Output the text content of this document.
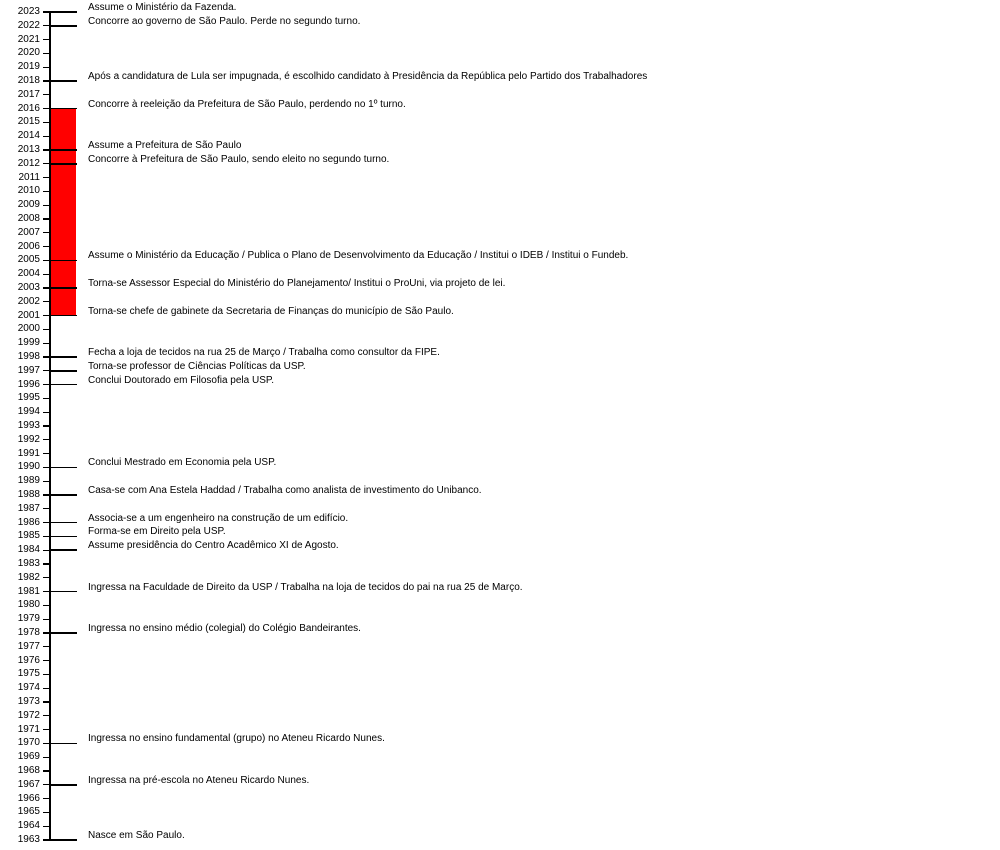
2023
2022
2021
2020
2019
2018
2017
2016
2015
2014
2013
2012
2011
2010
2009
2008
2007
2006
2005
2004
2003
2002
2001
2000
1999
1998
1997
1996
1995
1994
1993
1992
1991
1990
1989
1988
1987
1986
1985
1984
1983
1982
1981
1980
1979
1978
1977
1976
1975
1974
1973
1972
1971
1970
1969
1968
1967
1966
1965
1964
1963
Assume o Ministério da Fazenda.
Concorre ao governo de São Paulo. Perde no segundo turno.
Após a candidatura de Lula ser impugnada, é escolhido candidato à Presidência da República pelo Partido dos Trabalhadores
Concorre à reeleição da Prefeitura de São Paulo, perdendo no 1º turno.
Assume a Prefeitura de São Paulo
Concorre à Prefeitura de São Paulo, sendo eleito no segundo turno.
Assume o Ministério da Educação / Publica o Plano de Desenvolvimento da Educação / Institui o IDEB / Institui o Fundeb.
Torna-se Assessor Especial do Ministério do Planejamento/ Institui o ProUni, via projeto de lei.
Torna-se chefe de gabinete da Secretaria de Finanças do município de São Paulo.
Fecha a loja de tecidos na rua 25 de Março / Trabalha como consultor da FIPE.
Torna-se professor de Ciências Políticas da USP.
Conclui Doutorado em Filosofia pela USP.
Conclui Mestrado em Economia pela USP.
Casa-se com Ana Estela Haddad / Trabalha como analista de investimento do Unibanco.
Associa-se a um engenheiro na construção de um edifício.
Forma-se em Direito pela USP.
Assume presidência do Centro Acadêmico XI de Agosto.
Ingressa na Faculdade de Direito da USP / Trabalha na loja de tecidos do pai na rua 25 de Março.
Ingressa no ensino médio (colegial) do Colégio Bandeirantes.
Ingressa no ensino fundamental (grupo) no Ateneu Ricardo Nunes.
Ingressa na pré-escola no Ateneu Ricardo Nunes.
Nasce em São Paulo.
